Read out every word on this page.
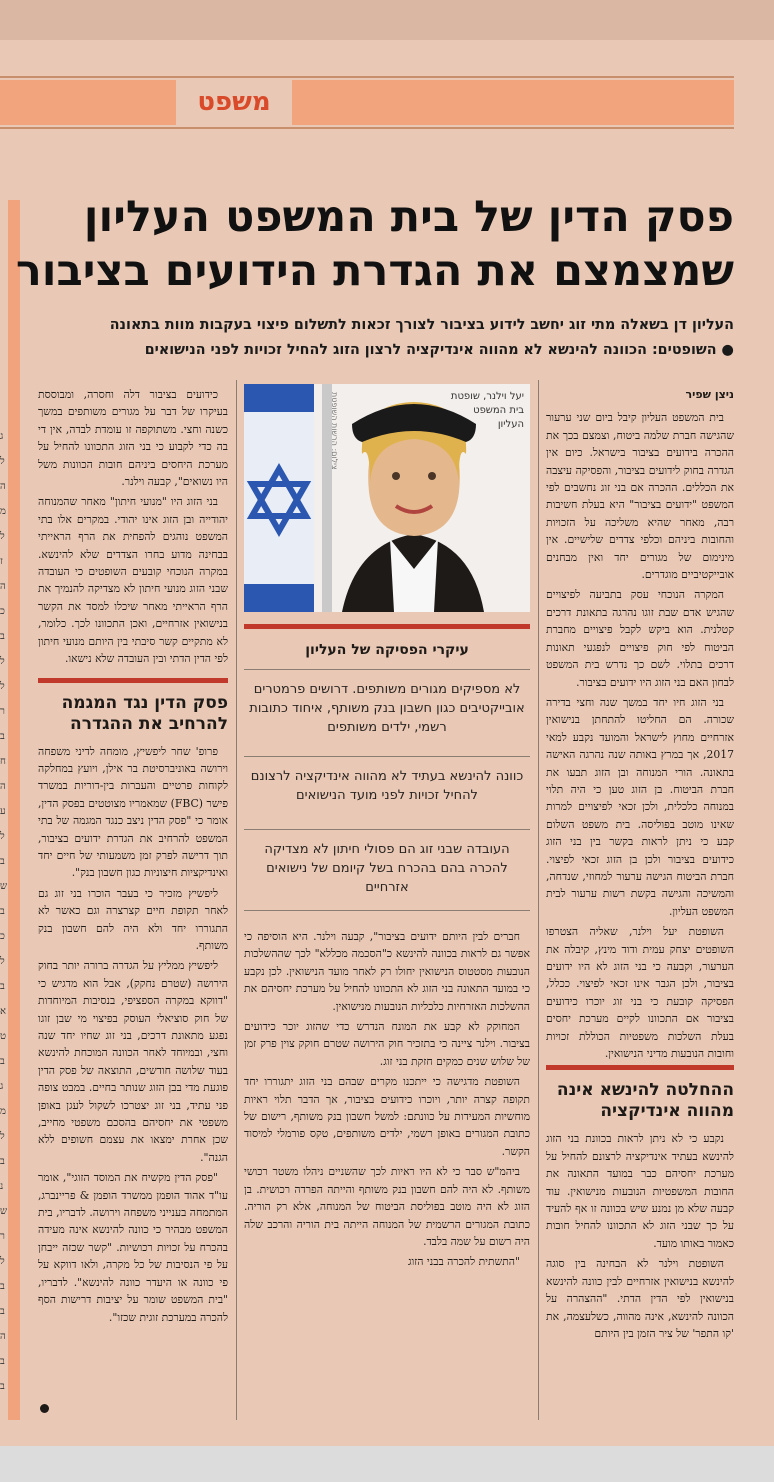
משפט
פסק הדין של בית המשפט העליון
שמצמצם את הגדרת הידועים בציבור
העליון דן בשאלה מתי זוג יחשב לידוע בציבור לצורך זכאות לתשלום פיצוי בעקבות מוות בתאונה
● השופטים: הכוונה להינשא לא מהווה אינדיקציה לרצון הזוג להחיל זכויות לפני הנישואים
ניצן שפיר

בית המשפט העליון קיבל ביום שני ערעור שהגישה חברת שלמה ביטוח, וצמצם בכך את ההכרה בידועים בציבור בישראל. כיום אין הגדרה בחוק לידועים בציבור, והפסיקה עיצבה את הכללים. ההכרה אם בני זוג נחשבים לפי המשפט "ידועים בציבור" היא בעלת חשיבות רבה, מאחר שהיא משליכה על הזכויות והחובות ביניהם וכלפי צדדים שלישיים. אין מינימום של מגורים יחד ואין מבחנים אובייקטיביים מוגדרים.

המקרה הנוכחי עסק בתביעה לפיצויים שהגיש אדם שבת זוגו נהרגה בתאונת דרכים קטלנית. הוא ביקש לקבל פיצויים מחברת הביטוח לפי חוק פיצויים לנפגעי תאונות דרכים בתלוי. לשם כך נדרש בית המשפט לבחון האם בני הזוג היו ידועים בציבור.

בני הזוג חיו יחד במשך שנה וחצי בדירה שכורה. הם החליטו להתחתן בנישואין אזרחיים מחוץ לישראל והמועד נקבע למאי 2017, אך במרץ באותה שנה נהרגה האישה בתאונה. הורי המנוחה ובן הזוג תבעו את חברת הביטוח. בן הזוג טען כי היה תלוי במנוחה כלכלית, ולכן זכאי לפיצויים למרות שאינו מוטב בפוליסה. בית משפט השלום קבע כי ניתן לראות בקשר בין בני הזוג כידועים בציבור ולכן בן הזוג זכאי לפיצוי. חברת הביטוח הגישה ערעור למחוזי, שנדחה, והמשיכה והגישה בקשת רשות ערעור לבית המשפט העליון.

השופטת יעל וילנר, שאליה הצטרפו השופטים יצחק עמית ודוד מינץ, קיבלה את הערעור, וקבעה כי בני הזוג לא היו ידועים בציבור, ולכן הגבר אינו זכאי לפיצוי. ככלל, הפסיקה קובעת כי בני זוג יוכרו כידועים בציבור אם התכוונו לקיים מערכת יחסים בעלת השלכות משפטיות הכוללת זכויות וחובות הנובעות מדיני הנישואין.

ההחלטה להינשא אינה מהווה אינדיקציה

נקבע כי לא ניתן לראות בכוונת בני הזוג להינשא בעתיד אינדיקציה לרצונם להחיל על מערכת יחסיהם כבר במועד התאונה את החובות המשפטיות הנובעות מנישואין. עוד קבעה שלא מן נמנע שיש בכוונה זו אף להעיד על כך שבני הזוג לא התכוונו להחיל חובות כאמור באותו מועד.

השופטת וילנר לא הבחינה בין סוגה להינשא בנישואין אזרחיים לבין כוונה להינשא בנישואין לפי הדין הדתי. "ההצהרה על הכוונה להינשא, אינה מהווה, כשלעצמה, את 'קו התפר' של ציר הזמן בין היותם

יעל וילנר, שופטת בית המשפט העליון
צילום: הרשות השופטת
עיקרי הפסיקה של העליון
לא מספיקים מגורים משותפים. דרושים פרמטרים אובייקטיבים כגון חשבון בנק משותף, איחוד כתובות רשמי, ילדים משותפים
כוונה להינשא בעתיד לא מהווה אינדיקציה לרצונם להחיל זכויות לפני מועד הנישואים
העובדה שבני זוג הם פסולי חיתון לא מצדיקה להכרה בהם בהכרח בשל קיומם של נישואים אזרחיים

חברים לבין היותם ידועים בציבור", קבעה וילנר. היא הוסיפה כי אפשר גם לראות בכוונה להינשא כ"הסכמה מכללא" לכך שההשלכות הנובעות מסטטוס הנישואין יחולו רק לאחר מועד הנישואין. לכן נקבע כי במועד התאונה בני הזוג לא התכוונו להחיל על מערכת יחסיהם את ההשלכות האזרחיות כלכליות הנובעות מנישואין.

המחוקק לא קבע את המונח הנדרש כדי שהזוג יוכר כידועים בציבור. וילנר ציינה כי בתזכיר חוק הירושה שטרם חוקק צוין פרק זמן של שלוש שנים כמקים חזקת בני זוג.

השופטת מדגישה כי ייתכנו מקרים שבהם בני הזוג יתגוררו יחד תקופה קצרה יותר, ויוכרו כידועים בציבור, אך הדבר תלוי ראיות מוחשיות המעידות על כוונתם: למשל חשבון בנק משותף, רישום של כתובת המגורים באופן רשמי, ילדים משותפים, טקס פורמלי למיסוד הקשר.

ביהמ"ש סבר כי לא היו ראיות לכך שהשניים ניהלו משטר רכושי משותף. לא היה להם חשבון בנק משותף והייתה הפרדה רכושית. בן הזוג לא היה מוטב בפוליסת הביטוח של המנוחה, אלא רק הוריה. כתובת המגורים הרשמית של המנוחה הייתה בית הוריה והרכב שלה היה רשום על שמה בלבד.

"התשתית להכרה בבני הזוג

כידועים בציבור דלה וחסרה, ומבוססת בעיקרו של דבר על מגורים משותפים במשך כשנה וחצי. משתוקפה זו עומדת לבדה, אין די בה כדי לקבוע כי בני הזוג התכוונו להחיל על מערכת היחסים ביניהם חובות הכוונות משל היו נשואים", קבעה וילנר.

בני הזוג היו "מנועי חיתון" מאחר שהמנוחה יהודייה ובן הזוג אינו יהודי. במקרים אלו בתי המשפט נוהגים להפחית את הרף הראייתי בבחינה מדוע בחרו הצדדים שלא להינשא. במקרה הנוכחי קובעים השופטים כי העובדה שבני הזוג מנועי חיתון לא מצדיקה להנמיך את הרף הראייתי מאחר שיכלו למסד את הקשר בנישואין אזרחיים, ואכן התכוונו לכך. כלומר, לא מתקיים קשר סיבתי בין היותם מנועי חיתון לפי הדין הדתי ובין העובדה שלא נישאו.

פסק הדין נגד המגמה להרחיב את ההגדרה

פרופ' שחר ליפשיץ, מומחה לדיני משפחה וירושה באוניברסיטת בר אילן, ויועץ במחלקה לקוחות פרטיים והעברות בין-דוריות במשרד פישר (FBC) שמאמריו מצוטטים בפסק הדין, אומר כי "פסק הדין ניצב כנגד המגמה של בתי המשפט להרחיב את הגדרת ידועים בציבור, תוך דרישה לפרק זמן משמעותי של חיים יחד ואינדיקציות חיצוניות כגון חשבון בנק".

ליפשיץ מזכיר כי בעבר הוכרו בני זוג גם לאחר תקופת חיים קצרצרה וגם כאשר לא התגוררו יחד ולא היה להם חשבון בנק משותף.

ליפשיץ ממליץ על הגדרה ברורה יותר בחוק הירושה (שטרם נחקק), אבל הוא מדגיש כי "דווקא במקרה הספציפי, בנסיבות המיוחדות של חוק סוציאלי העוסק בפיצוי מי שבן זוגו נפגע מתאונת דרכים, בני זוג שחיו יחד שנה וחצי, ובמיוחד לאחר הכוונה המוכחת להינשא בעוד שלושה חודשים, התוצאה של פסק הדין פוגעת מדי בבן הזוג שנותר בחיים. במבט צופה פני עתיד, בני זוג יצטרכו לשקול לעגן באופן משפטי את יחסיהם בהסכם משפטי מחייב, שכן אחרת ימצאו את עצמם חשופים ללא הגנה".

"פסק הדין מקשיח את המוסד הזוגי", אומר עו"ד אהוד הופמן ממשרד הופמן & פריינברג, המתמחה בענייני משפחה וירושה. לדבריו, בית המשפט מבהיר כי כוונה להינשא אינה מעידה בהכרח על זכויות רכושיות. "קשר שכזה ייבחן על פי הנסיבות של כל מקרה, ולאו דווקא על פי כוונה או היעדר כוונה להינשא". לדבריו, "בית המשפט שומר על יציבות דרישות הסף להכרה במערכת זוגית שכזו".

ג
ל
ה
מ
ל
ז
ה
כ
ב
ל
ל
ר
ב
ח
ה
ע
ל
ב
ש
ב
כ
ל
ב
א
ט
ב
ג
מ
ל
ב
נ
ש
ר
ל
ב
ב
ה
ב
ב
